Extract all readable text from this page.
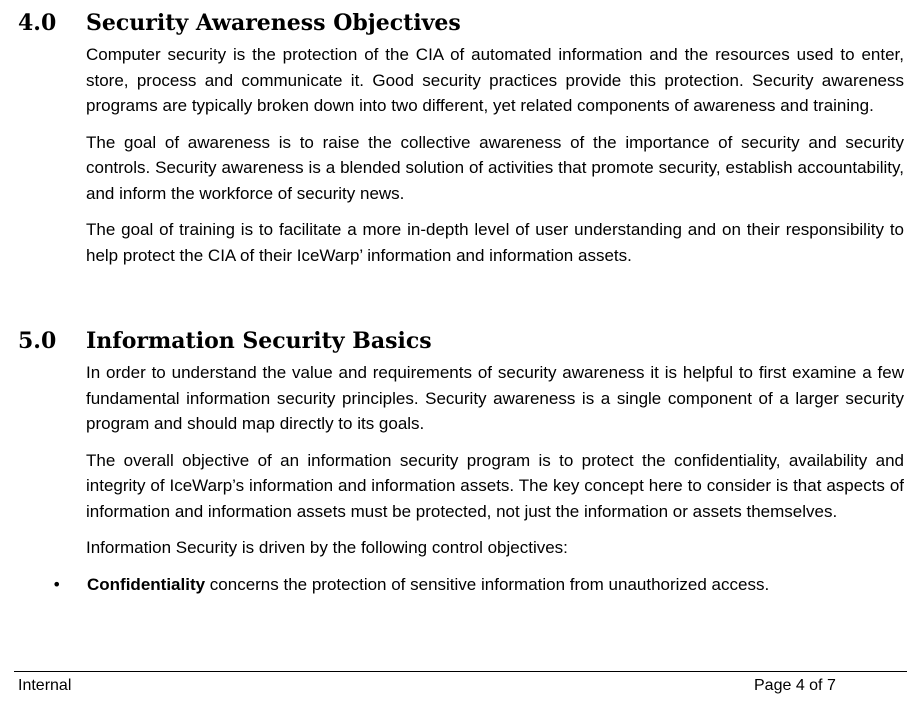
4.0 Security Awareness Objectives

Computer security is the protection of the CIA of automated information and the resources used to enter, store, process and communicate it. Good security practices provide this protection. Security awareness programs are typically broken down into two different, yet related components of awareness and training.

The goal of awareness is to raise the collective awareness of the importance of security and security controls. Security awareness is a blended solution of activities that promote security, establish accountability, and inform the workforce of security news.

The goal of training is to facilitate a more in-depth level of user understanding and on their responsibility to help protect the CIA of their IceWarp’ information and information assets.

5.0 Information Security Basics

In order to understand the value and requirements of security awareness it is helpful to first examine a few fundamental information security principles. Security awareness is a single component of a larger security program and should map directly to its goals.

The overall objective of an information security program is to protect the confidentiality, availability and integrity of IceWarp’s information and information assets. The key concept here to consider is that aspects of information and information assets must be protected, not just the information or assets themselves.

Information Security is driven by the following control objectives:

• Confidentiality concerns the protection of sensitive information from unauthorized access.
Internal	Page 4 of 7
